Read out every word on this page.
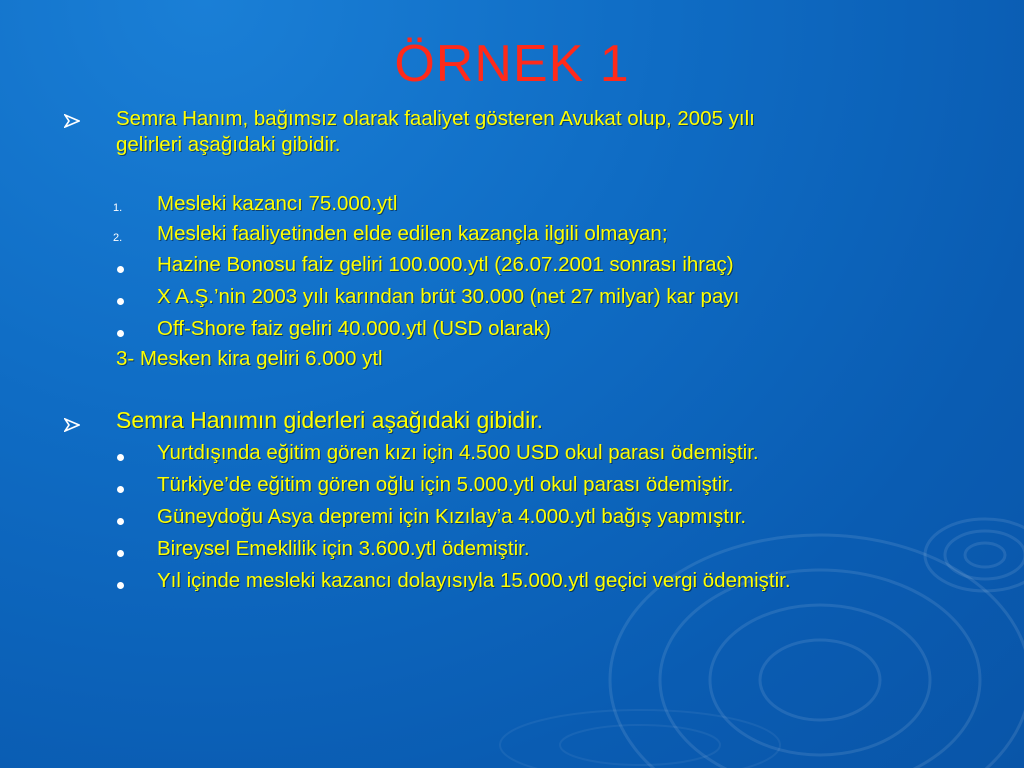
ÖRNEK 1
Semra Hanım, bağımsız olarak faaliyet gösteren Avukat olup, 2005 yılı
gelirleri aşağıdaki gibidir.
1. Mesleki kazancı 75.000.ytl
2. Mesleki faaliyetinden elde edilen kazançla ilgili olmayan;
Hazine Bonosu faiz geliri 100.000.ytl (26.07.2001 sonrası ihraç)
X A.Ş.’nin 2003 yılı karından brüt 30.000 (net 27 milyar) kar payı
Off-Shore faiz geliri 40.000.ytl (USD olarak)
3- Mesken kira geliri 6.000 ytl
Semra Hanımın giderleri aşağıdaki gibidir.
Yurtdışında eğitim gören kızı için 4.500 USD okul parası ödemiştir.
Türkiye’de eğitim gören oğlu için 5.000.ytl okul parası ödemiştir.
Güneydoğu Asya depremi için Kızılay’a 4.000.ytl bağış yapmıştır.
Bireysel Emeklilik için 3.600.ytl ödemiştir.
Yıl içinde mesleki kazancı dolayısıyla 15.000.ytl geçici vergi ödemiştir.
